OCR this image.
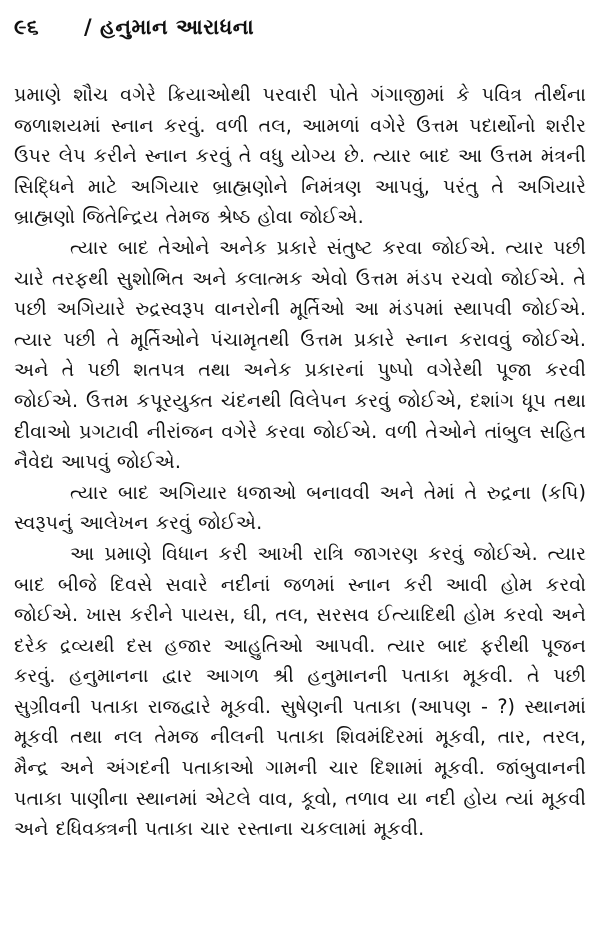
૯૬	/ હનુમાન આરાધના

પ્રમાણે શૌચ વગેરે ક્રિયાઓથી પરવારી પોતે ગંગાજીમાં કે પવિત્ર તીર્થના જળાશયમાં સ્નાન કરવું. વળી તલ, આમળાં વગેરે ઉત્તમ પદાર્થોનો શરીર ઉપર લેપ કરીને સ્નાન કરવું તે વધુ યોગ્ય છે. ત્યાર બાદ આ ઉત્તમ મંત્રની સિદ્ધિને માટે અગિયાર બ્રાહ્મણોને નિમંત્રણ આપવું, પરંતુ તે અગિયારે બ્રાહ્મણો જિતેન્દ્રિય તેમજ શ્રેષ્ઠ હોવા જોઈએ.

ત્યાર બાદ તેઓને અનેક પ્રકારે સંતુષ્ટ કરવા જોઈએ. ત્યાર પછી ચારે તરફથી સુશોભિત અને કલાત્મક એવો ઉત્તમ મંડપ રચવો જોઈએ. તે પછી અગિયારે રુદ્રસ્વરૂપ વાનરોની મૂર્તિઓ આ મંડપમાં સ્થાપવી જોઈએ. ત્યાર પછી તે મૂર્તિઓને પંચામૃતથી ઉત્તમ પ્રકારે સ્નાન કરાવવું જોઈએ. અને તે પછી શતપત્ર તથા અનેક પ્રકારનાં પુષ્પો વગેરેથી પૂજા કરવી જોઈએ. ઉત્તમ કપૂરયુક્ત ચંદનથી વિલેપન કરવું જોઈએ, દશાંગ ધૂપ તથા દીવાઓ પ્રગટાવી નીરાંજન વગેરે કરવા જોઈએ. વળી તેઓને તાંબુલ સહિત નૈવેદ્ય આપવું જોઈએ.

ત્યાર બાદ અગિયાર ધજાઓ બનાવવી અને તેમાં તે રુદ્રના (કપિ) સ્વરૂપનું આલેખન કરવું જોઈએ.

આ પ્રમાણે વિધાન કરી આખી રાત્રિ જાગરણ કરવું જોઈએ. ત્યાર બાદ બીજે દિવસે સવારે નદીનાં જળમાં સ્નાન કરી આવી હોમ કરવો જોઈએ. ખાસ કરીને પાયસ, ઘી, તલ, સરસવ ઈત્યાદિથી હોમ કરવો અને દરેક દ્રવ્યથી દસ હજાર આહુતિઓ આપવી. ત્યાર બાદ ફરીથી પૂજન કરવું. હનુમાનના દ્વાર આગળ શ્રી હનુમાનની પતાકા મૂકવી. તે પછી સુગ્રીવની પતાકા રાજદ્વારે મૂકવી. સુષેણની પતાકા (આપણ - ?) સ્થાનમાં મૂકવી તથા નલ તેમજ નીલની પતાકા શિવમંદિરમાં મૂકવી, તાર, તરલ, મૈન્દ્ર અને અંગદની પતાકાઓ ગામની ચાર દિશામાં મૂકવી. જાંબુવાનની પતાકા પાણીના સ્થાનમાં એટલે વાવ, કૂવો, તળાવ યા નદી હોય ત્યાં મૂકવી અને દધિવક્ત્રની પતાકા ચાર રસ્તાના ચકલામાં મૂકવી.
